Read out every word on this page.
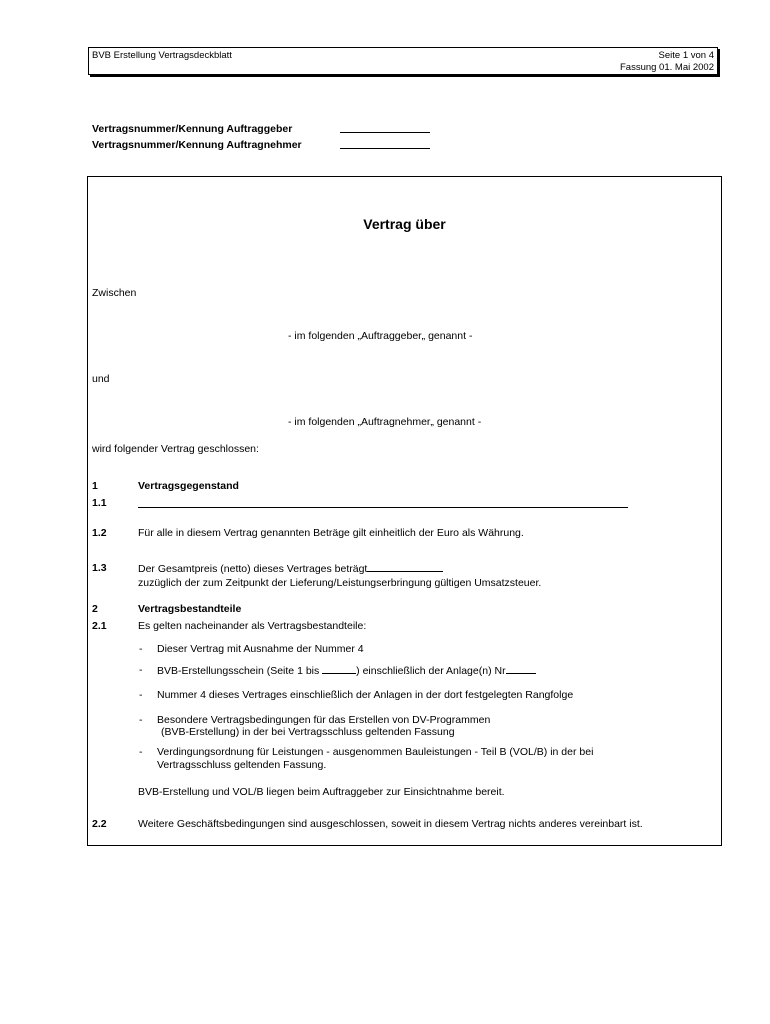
BVB Erstellung Vertragsdeckblatt	Seite 1 von 4
Fassung 01. Mai 2002
Vertragsnummer/Kennung Auftraggeber
Vertragsnummer/Kennung Auftragnehmer
Vertrag über
Zwischen
- im folgenden „Auftraggeber„ genannt -
und
- im folgenden „Auftragnehmer„ genannt -
wird folgender Vertrag geschlossen:
1	Vertragsgegenstand
1.1
1.2	Für alle in diesem Vertrag genannten Beträge gilt einheitlich der Euro als Währung.
1.3	Der Gesamtpreis (netto) dieses Vertrages beträgt
zuzüglich der zum Zeitpunkt der Lieferung/Leistungserbringung gültigen Umsatzsteuer.
2	Vertragsbestandteile
2.1	Es gelten nacheinander als Vertragsbestandteile:
- Dieser Vertrag mit Ausnahme der Nummer 4
- BVB-Erstellungsschein (Seite 1 bis	) einschließlich der Anlage(n) Nr
- Nummer 4 dieses Vertrages einschließlich der Anlagen in der dort festgelegten Rangfolge
- Besondere Vertragsbedingungen für das Erstellen von DV-Programmen
(BVB-Erstellung) in der bei Vertragsschluss geltenden Fassung
- Verdingungsordnung für Leistungen - ausgenommen Bauleistungen - Teil B (VOL/B) in der bei
Vertragsschluss geltenden Fassung.
BVB-Erstellung und VOL/B liegen beim Auftraggeber zur Einsichtnahme bereit.
2.2	Weitere Geschäftsbedingungen sind ausgeschlossen, soweit in diesem Vertrag nichts anderes vereinbart ist.
